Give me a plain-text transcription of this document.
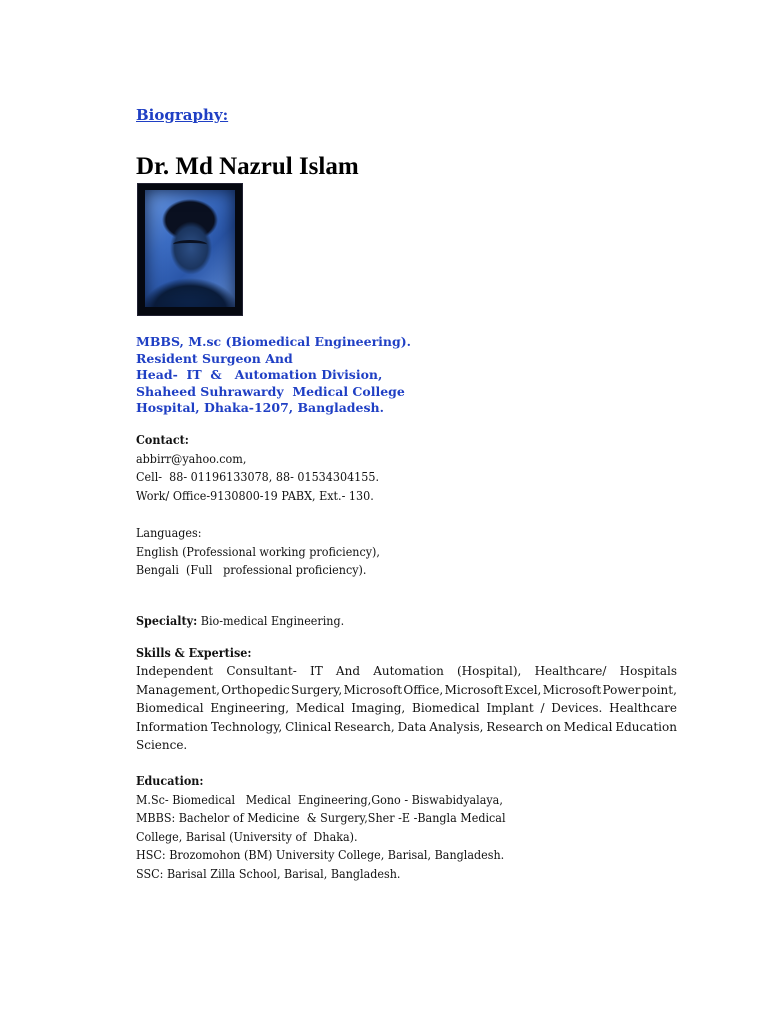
Biography:
Dr. Md Nazrul Islam
MBBS, M.sc (Biomedical Engineering).
Resident Surgeon And
Head-  IT  &   Automation Division,
Shaheed Suhrawardy  Medical College
Hospital, Dhaka-1207, Bangladesh.
Contact:
abbirr@yahoo.com,
Cell-  88- 01196133078, 88- 01534304155.
Work/ Office-9130800-19 PABX, Ext.- 130.
Languages:
English (Professional working proficiency),
Bengali  (Full   professional proficiency).
Specialty: Bio-medical Engineering.
Skills & Expertise:
Independent Consultant- IT And Automation (Hospital), Healthcare/ Hospitals
Management, Orthopedic Surgery, Microsoft Office, Microsoft Excel, Microsoft Power point,
Biomedical Engineering, Medical Imaging, Biomedical Implant / Devices. Healthcare
Information Technology, Clinical Research, Data Analysis, Research on Medical Education
Science.
Education:
M.Sc- Biomedical   Medical  Engineering,Gono - Biswabidyalaya,
MBBS: Bachelor of Medicine  & Surgery,Sher -E -Bangla Medical
College, Barisal (University of  Dhaka).
HSC: Brozomohon (BM) University College, Barisal, Bangladesh.
SSC: Barisal Zilla School, Barisal, Bangladesh.
